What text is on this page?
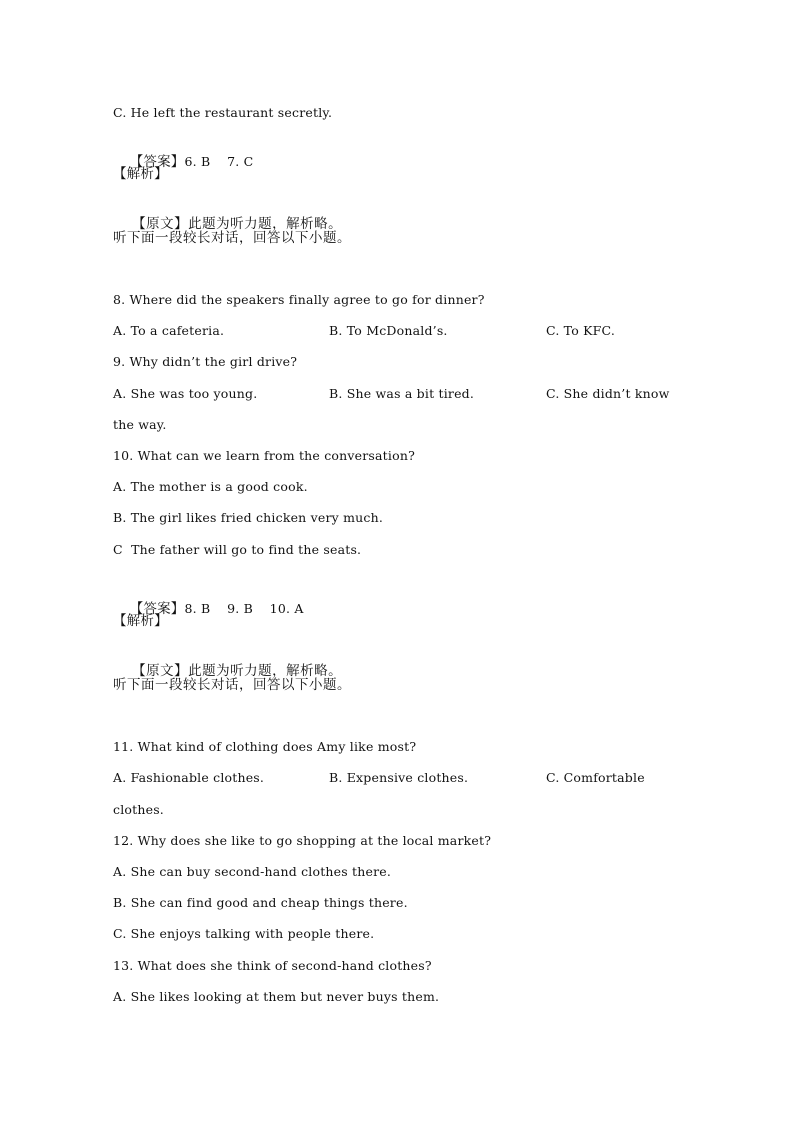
C. He left the restaurant secretly.

【答案】6. B    7. C

【解析】

【原文】此题为听力题，解析略。

听下面一段较长对话，回答以下小题。
8. Where did the speakers finally agree to go for dinner?
A. To a cafeteria.	B. To McDonald’s.	C. To KFC.
9. Why didn’t the girl drive?
A. She was too young.	B. She was a bit tired.	C. She didn’t know
the way.
10. What can we learn from the conversation?
A. The mother is a good cook.
B. The girl likes fried chicken very much.
C  The father will go to find the seats.

【答案】8. B    9. B    10. A

【解析】

【原文】此题为听力题，解析略。

听下面一段较长对话，回答以下小题。
11. What kind of clothing does Amy like most?
A. Fashionable clothes.	B. Expensive clothes.	C. Comfortable
clothes.
12. Why does she like to go shopping at the local market?
A. She can buy second-hand clothes there.
B. She can find good and cheap things there.
C. She enjoys talking with people there.
13. What does she think of second-hand clothes?
A. She likes looking at them but never buys them.
